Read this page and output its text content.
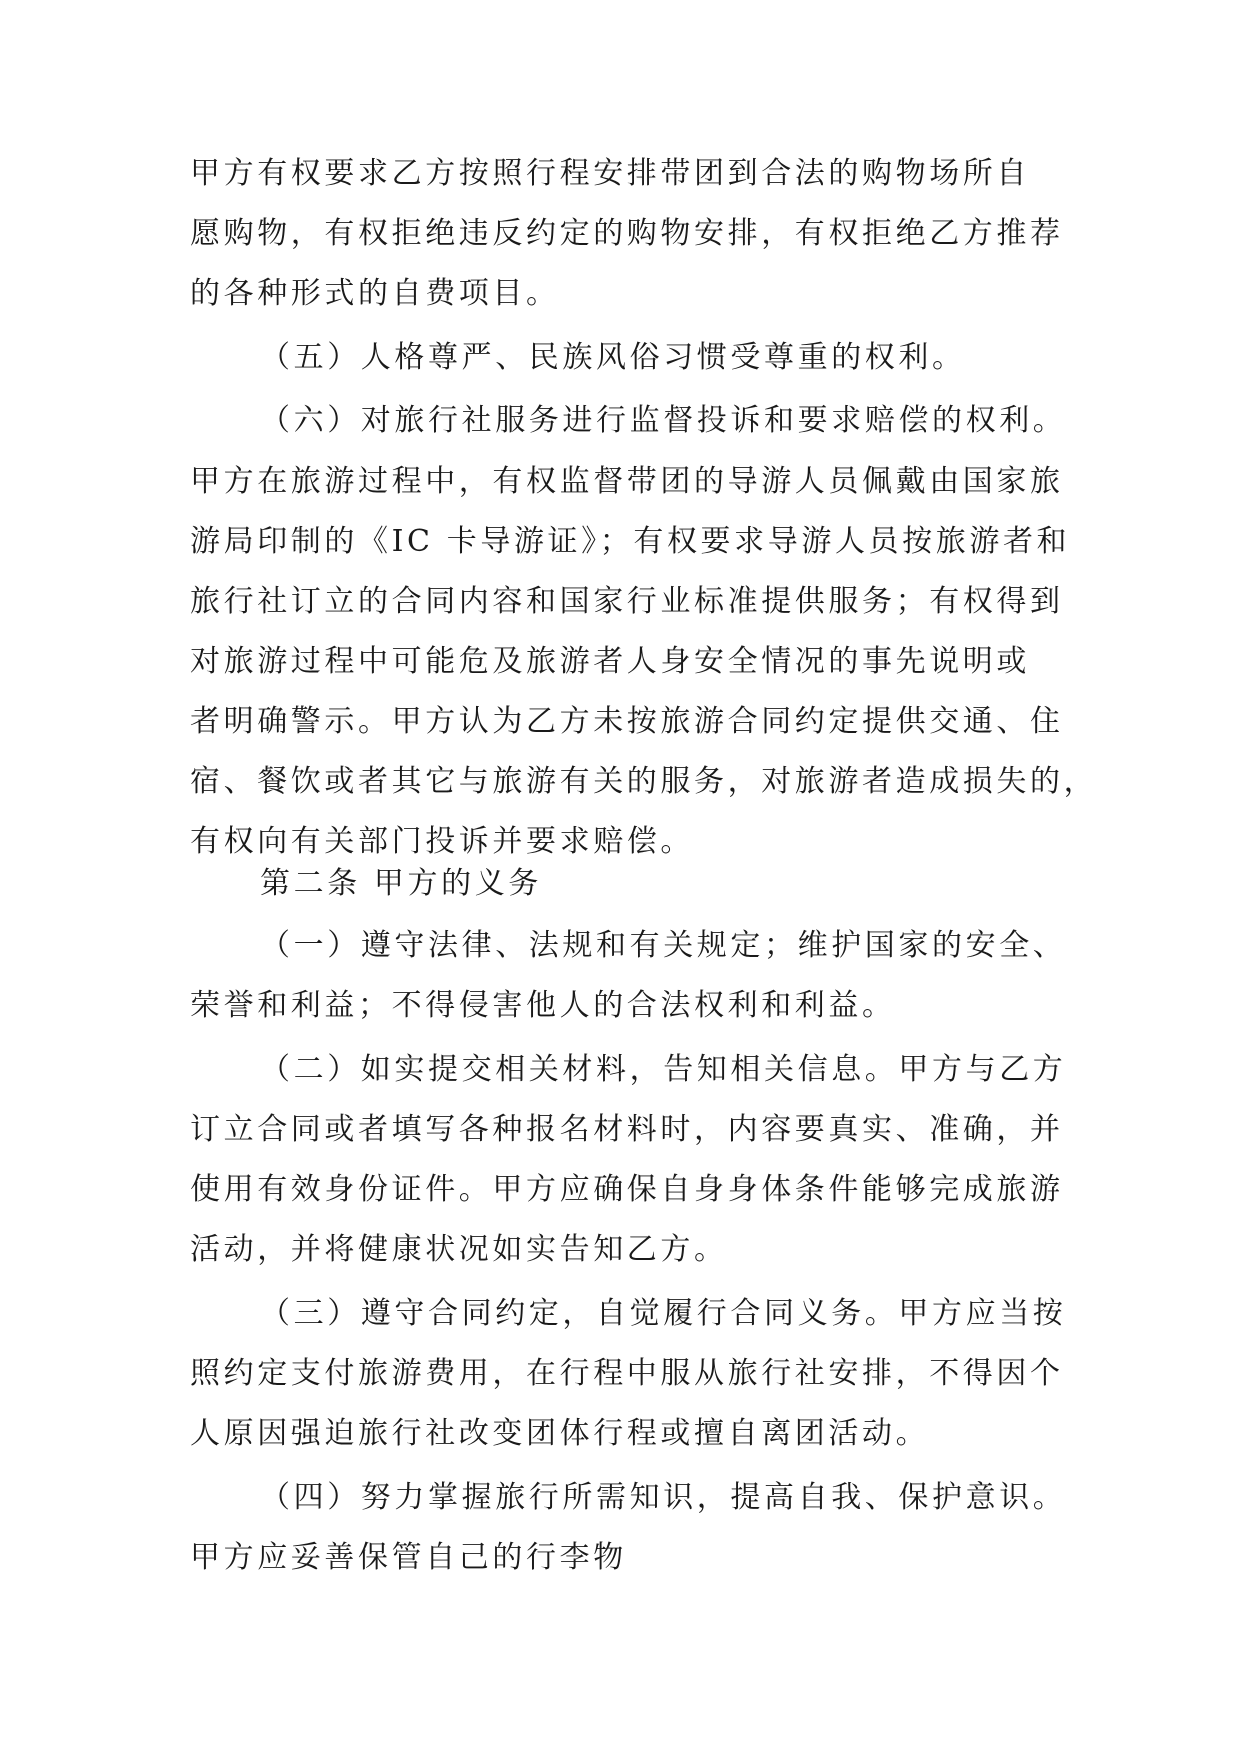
甲方有权要求乙方按照行程安排带团到合法的购物场所自
愿购物，有权拒绝违反约定的购物安排，有权拒绝乙方推荐
的各种形式的自费项目。
（五）人格尊严、民族风俗习惯受尊重的权利。
（六）对旅行社服务进行监督投诉和要求赔偿的权利。
甲方在旅游过程中，有权监督带团的导游人员佩戴由国家旅
游局印制的《IC 卡导游证》；有权要求导游人员按旅游者和
旅行社订立的合同内容和国家行业标准提供服务；有权得到
对旅游过程中可能危及旅游者人身安全情况的事先说明或
者明确警示。甲方认为乙方未按旅游合同约定提供交通、住
宿、餐饮或者其它与旅游有关的服务，对旅游者造成损失的，
有权向有关部门投诉并要求赔偿。
第二条 甲方的义务
（一）遵守法律、法规和有关规定；维护国家的安全、
荣誉和利益；不得侵害他人的合法权利和利益。
（二）如实提交相关材料，告知相关信息。甲方与乙方
订立合同或者填写各种报名材料时，内容要真实、准确，并
使用有效身份证件。甲方应确保自身身体条件能够完成旅游
活动，并将健康状况如实告知乙方。
（三）遵守合同约定，自觉履行合同义务。甲方应当按
照约定支付旅游费用，在行程中服从旅行社安排，不得因个
人原因强迫旅行社改变团体行程或擅自离团活动。
（四）努力掌握旅行所需知识，提高自我、保护意识。
甲方应妥善保管自己的行李物
